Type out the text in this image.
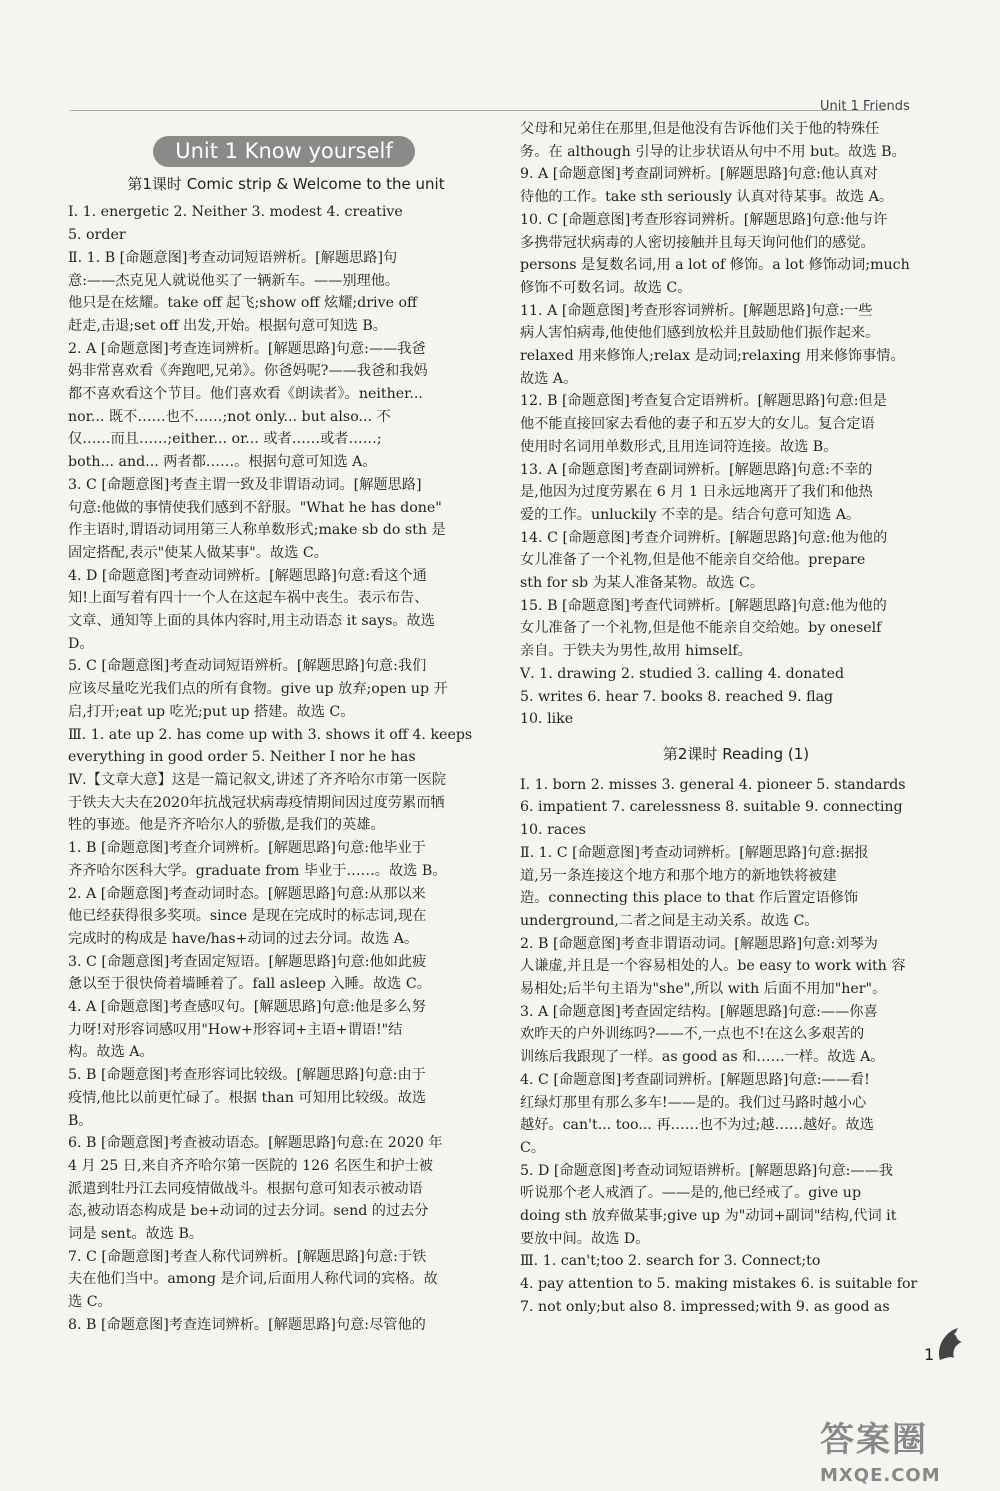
Unit 1 Friends
Unit 1 Know yourself
第1课时 Comic strip & Welcome to the unit
Ⅰ. 1. energetic 2. Neither 3. modest 4. creative
5. order
Ⅱ. 1. B [命题意图]考查动词短语辨析。[解题思路]句
意:——杰克见人就说他买了一辆新车。——别理他。
他只是在炫耀。take off 起飞;show off 炫耀;drive off
赶走,击退;set off 出发,开始。根据句意可知选 B。
2. A [命题意图]考查连词辨析。[解题思路]句意:——我爸
妈非常喜欢看《奔跑吧,兄弟》。你爸妈呢?——我爸和我妈
都不喜欢看这个节目。他们喜欢看《朗读者》。neither...
nor... 既不……也不……;not only... but also... 不
仅……而且……;either... or... 或者……或者……;
both... and... 两者都……。根据句意可知选 A。
3. C [命题意图]考查主谓一致及非谓语动词。[解题思路]
句意:他做的事情使我们感到不舒服。"What he has done"
作主语时,谓语动词用第三人称单数形式;make sb do sth 是
固定搭配,表示"使某人做某事"。故选 C。
4. D [命题意图]考查动词辨析。[解题思路]句意:看这个通
知!上面写着有四十一个人在这起车祸中丧生。表示布告、
文章、通知等上面的具体内容时,用主动语态 it says。故选
D。
5. C [命题意图]考查动词短语辨析。[解题思路]句意:我们
应该尽量吃光我们点的所有食物。give up 放弃;open up 开
启,打开;eat up 吃光;put up 搭建。故选 C。
Ⅲ. 1. ate up 2. has come up with 3. shows it off 4. keeps
everything in good order 5. Neither I nor he has
Ⅳ.【文章大意】这是一篇记叙文,讲述了齐齐哈尔市第一医院
于铁夫大夫在2020年抗战冠状病毒疫情期间因过度劳累而牺
牲的事迹。他是齐齐哈尔人的骄傲,是我们的英雄。
1. B [命题意图]考查介词辨析。[解题思路]句意:他毕业于
齐齐哈尔医科大学。graduate from 毕业于……。故选 B。
2. A [命题意图]考查动词时态。[解题思路]句意:从那以来
他已经获得很多奖项。since 是现在完成时的标志词,现在
完成时的构成是 have/has+动词的过去分词。故选 A。
3. C [命题意图]考查固定短语。[解题思路]句意:他如此疲
惫以至于很快倚着墙睡着了。fall asleep 入睡。故选 C。
4. A [命题意图]考查感叹句。[解题思路]句意:他是多么努
力呀!对形容词感叹用"How+形容词+主语+谓语!"结
构。故选 A。
5. B [命题意图]考查形容词比较级。[解题思路]句意:由于
疫情,他比以前更忙碌了。根据 than 可知用比较级。故选
B。
6. B [命题意图]考查被动语态。[解题思路]句意:在 2020 年
4 月 25 日,来自齐齐哈尔第一医院的 126 名医生和护士被
派遣到牡丹江去同疫情做战斗。根据句意可知表示被动语
态,被动语态构成是 be+动词的过去分词。send 的过去分
词是 sent。故选 B。
7. C [命题意图]考查人称代词辨析。[解题思路]句意:于铁
夫在他们当中。among 是介词,后面用人称代词的宾格。故
选 C。
8. B [命题意图]考查连词辨析。[解题思路]句意:尽管他的
父母和兄弟住在那里,但是他没有告诉他们关于他的特殊任
务。在 although 引导的让步状语从句中不用 but。故选 B。
9. A [命题意图]考查副词辨析。[解题思路]句意:他认真对
待他的工作。take sth seriously 认真对待某事。故选 A。
10. C [命题意图]考查形容词辨析。[解题思路]句意:他与许
多携带冠状病毒的人密切接触并且每天询问他们的感觉。
persons 是复数名词,用 a lot of 修饰。a lot 修饰动词;much
修饰不可数名词。故选 C。
11. A [命题意图]考查形容词辨析。[解题思路]句意:一些
病人害怕病毒,他使他们感到放松并且鼓励他们振作起来。
relaxed 用来修饰人;relax 是动词;relaxing 用来修饰事情。
故选 A。
12. B [命题意图]考查复合定语辨析。[解题思路]句意:但是
他不能直接回家去看他的妻子和五岁大的女儿。复合定语
使用时名词用单数形式,且用连词符连接。故选 B。
13. A [命题意图]考查副词辨析。[解题思路]句意:不幸的
是,他因为过度劳累在 6 月 1 日永远地离开了我们和他热
爱的工作。unluckily 不幸的是。结合句意可知选 A。
14. C [命题意图]考查介词辨析。[解题思路]句意:他为他的
女儿准备了一个礼物,但是他不能亲自交给他。prepare
sth for sb 为某人准备某物。故选 C。
15. B [命题意图]考查代词辨析。[解题思路]句意:他为他的
女儿准备了一个礼物,但是他不能亲自交给她。by oneself
亲自。于铁夫为男性,故用 himself。
Ⅴ. 1. drawing 2. studied 3. calling 4. donated
5. writes 6. hear 7. books 8. reached 9. flag
10. like
第2课时 Reading (1)
Ⅰ. 1. born 2. misses 3. general 4. pioneer 5. standards
6. impatient 7. carelessness 8. suitable 9. connecting
10. races
Ⅱ. 1. C [命题意图]考查动词辨析。[解题思路]句意:据报
道,另一条连接这个地方和那个地方的新地铁将被建
造。connecting this place to that 作后置定语修饰
underground,二者之间是主动关系。故选 C。
2. B [命题意图]考查非谓语动词。[解题思路]句意:刘琴为
人谦虚,并且是一个容易相处的人。be easy to work with 容
易相处;后半句主语为"she",所以 with 后面不用加"her"。
3. A [命题意图]考查固定结构。[解题思路]句意:——你喜
欢昨天的户外训练吗?——不,一点也不!在这么多艰苦的
训练后我跟现了一样。as good as 和……一样。故选 A。
4. C [命题意图]考查副词辨析。[解题思路]句意:——看!
红绿灯那里有那么多车!——是的。我们过马路时越小心
越好。can't... too... 再……也不为过;越……越好。故选
C。
5. D [命题意图]考查动词短语辨析。[解题思路]句意:——我
听说那个老人戒酒了。——是的,他已经戒了。give up
doing sth 放弃做某事;give up 为"动词+副词"结构,代词 it
要放中间。故选 D。
Ⅲ. 1. can't;too 2. search for 3. Connect;to
4. pay attention to 5. making mistakes 6. is suitable for
7. not only;but also 8. impressed;with 9. as good as
1
答案圈
MXQE.COM
